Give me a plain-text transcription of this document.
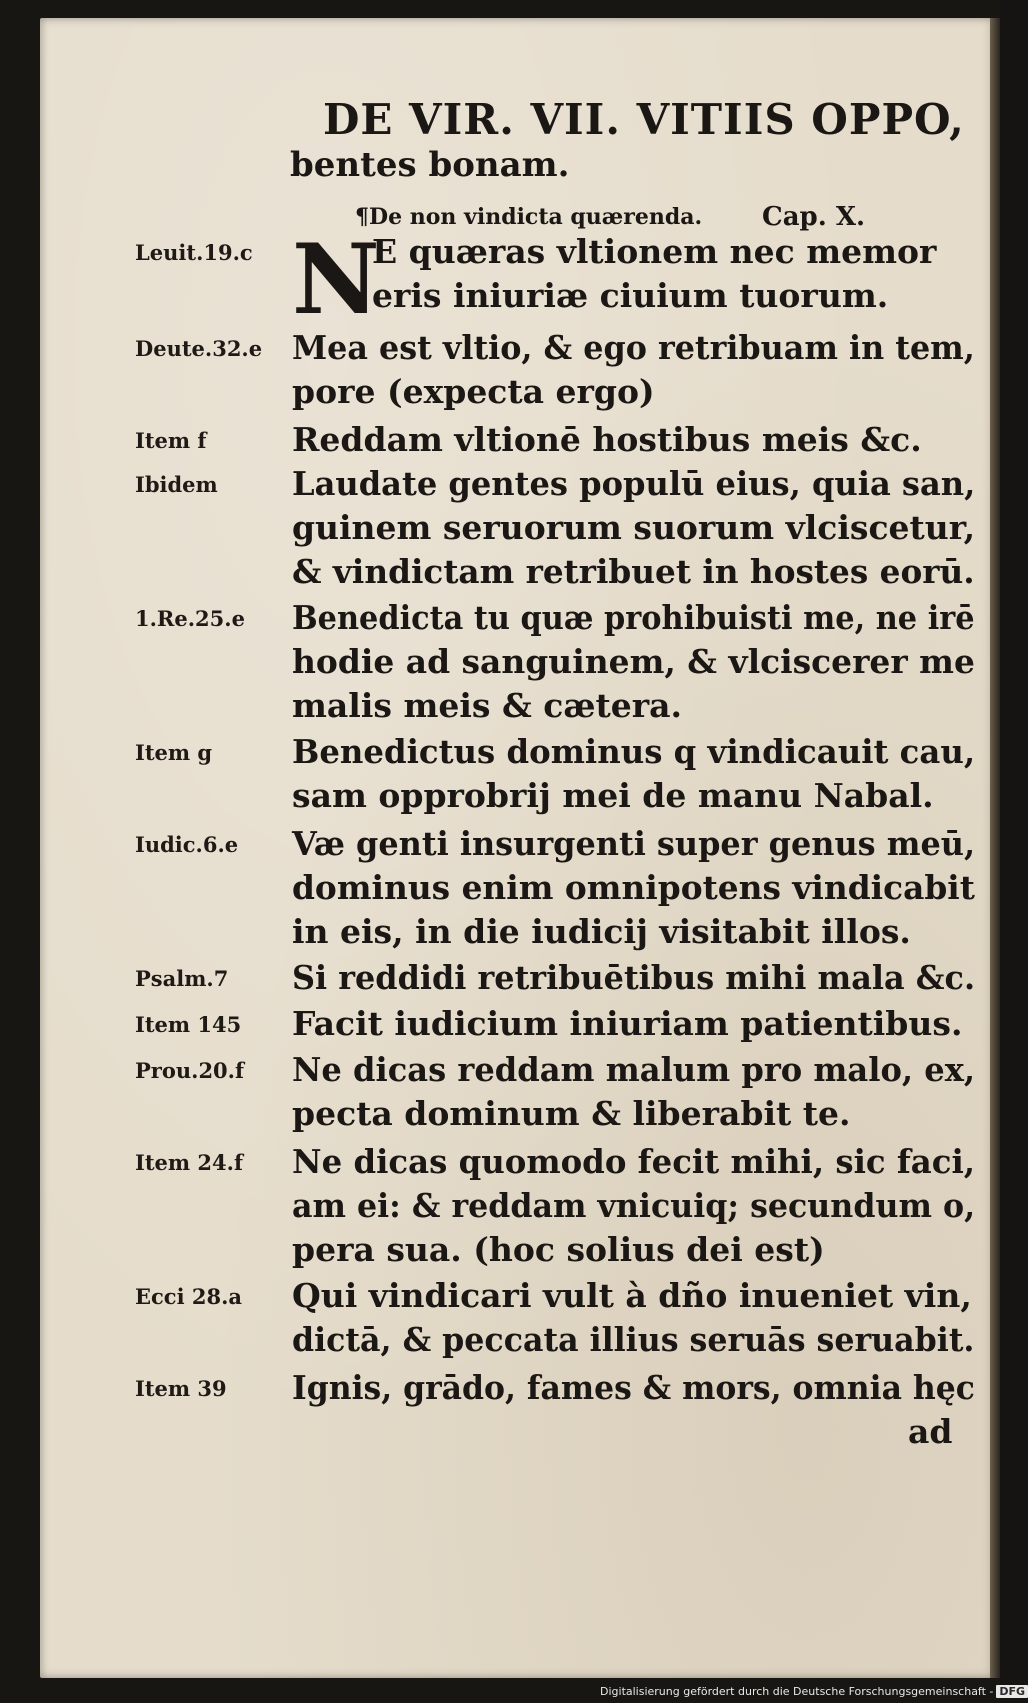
DE VIR. VII. VITIIS OPPO,
bentes bonam.
¶De non vindicta quærenda. Cap. X.
N
Leuit.19.c	E quæras vltionem nec memor
eris iniuriæ ciuium tuorum.
Deute.32.e Mea est vltio, & ego retribuam in tem,
pore (expecta ergo)
Item f	Reddam vltionē hostibus meis &c.
Ibidem Laudate gentes populū eius, quia san,
guinem seruorum suorum vlciscetur,
& vindictam retribuet in hostes eorū.
1.Re.25.e Benedicta tu quæ prohibuisti me, ne irē
hodie ad sanguinem, & vlciscerer me
malis meis & cætera.
Item g Benedictus dominus q vindicauit cau,
sam opprobrij mei de manu Nabal.
Iudic.6.e Væ genti insurgenti super genus meū,
dominus enim omnipotens vindicabit
in eis, in die iudicij visitabit illos.
Psalm.7 Si reddidi retribuētibus mihi mala &c.
Item 145 Facit iudicium iniuriam patientibus.
Prou.20.f Ne dicas reddam malum pro malo, ex,
pecta dominum & liberabit te.
Item 24.f Ne dicas quomodo fecit mihi, sic faci,
am ei: & reddam vnicuiq; secundum o,
pera sua. (hoc solius dei est)
Ecci 28.a Qui vindicari vult à dño inueniet vin,
dictā, & peccata illius seruās seruabit.
Item 39 Ignis, grādo, fames & mors, omnia hęc
ad
Digitalisierung gefördert durch die Deutsche Forschungsgemeinschaft - DFG
